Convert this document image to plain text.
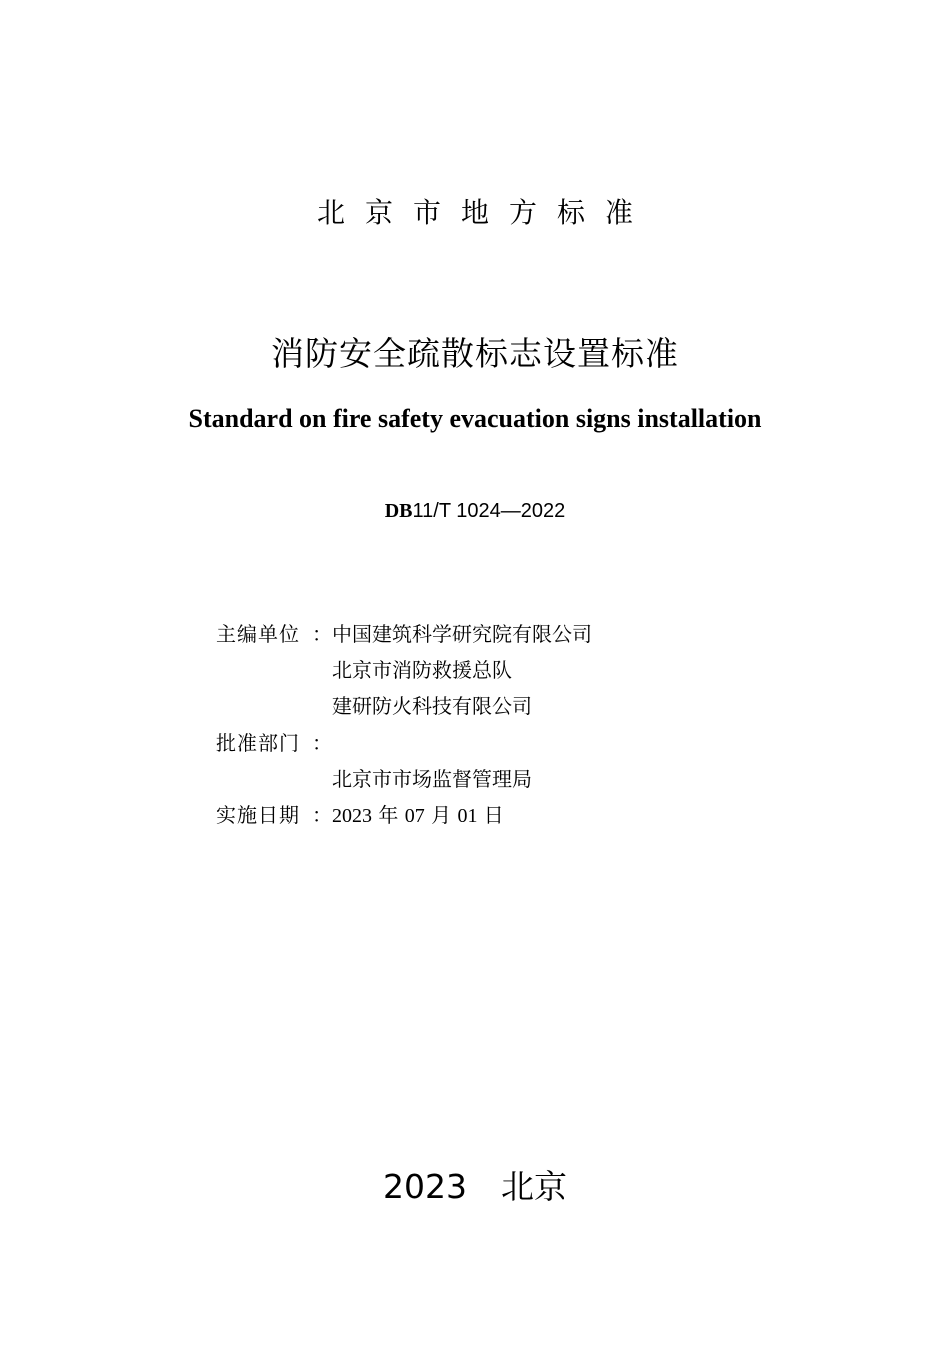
北京市地方标准
消防安全疏散标志设置标准
Standard on fire safety evacuation signs installation
DB11/T 1024—2022
主编单位 ： 中国建筑科学研究院有限公司
北京市消防救援总队
建研防火科技有限公司
批准部门 ：
北京市市场监督管理局
实施日期 ： 2023 年 07 月 01 日
2023 北京
